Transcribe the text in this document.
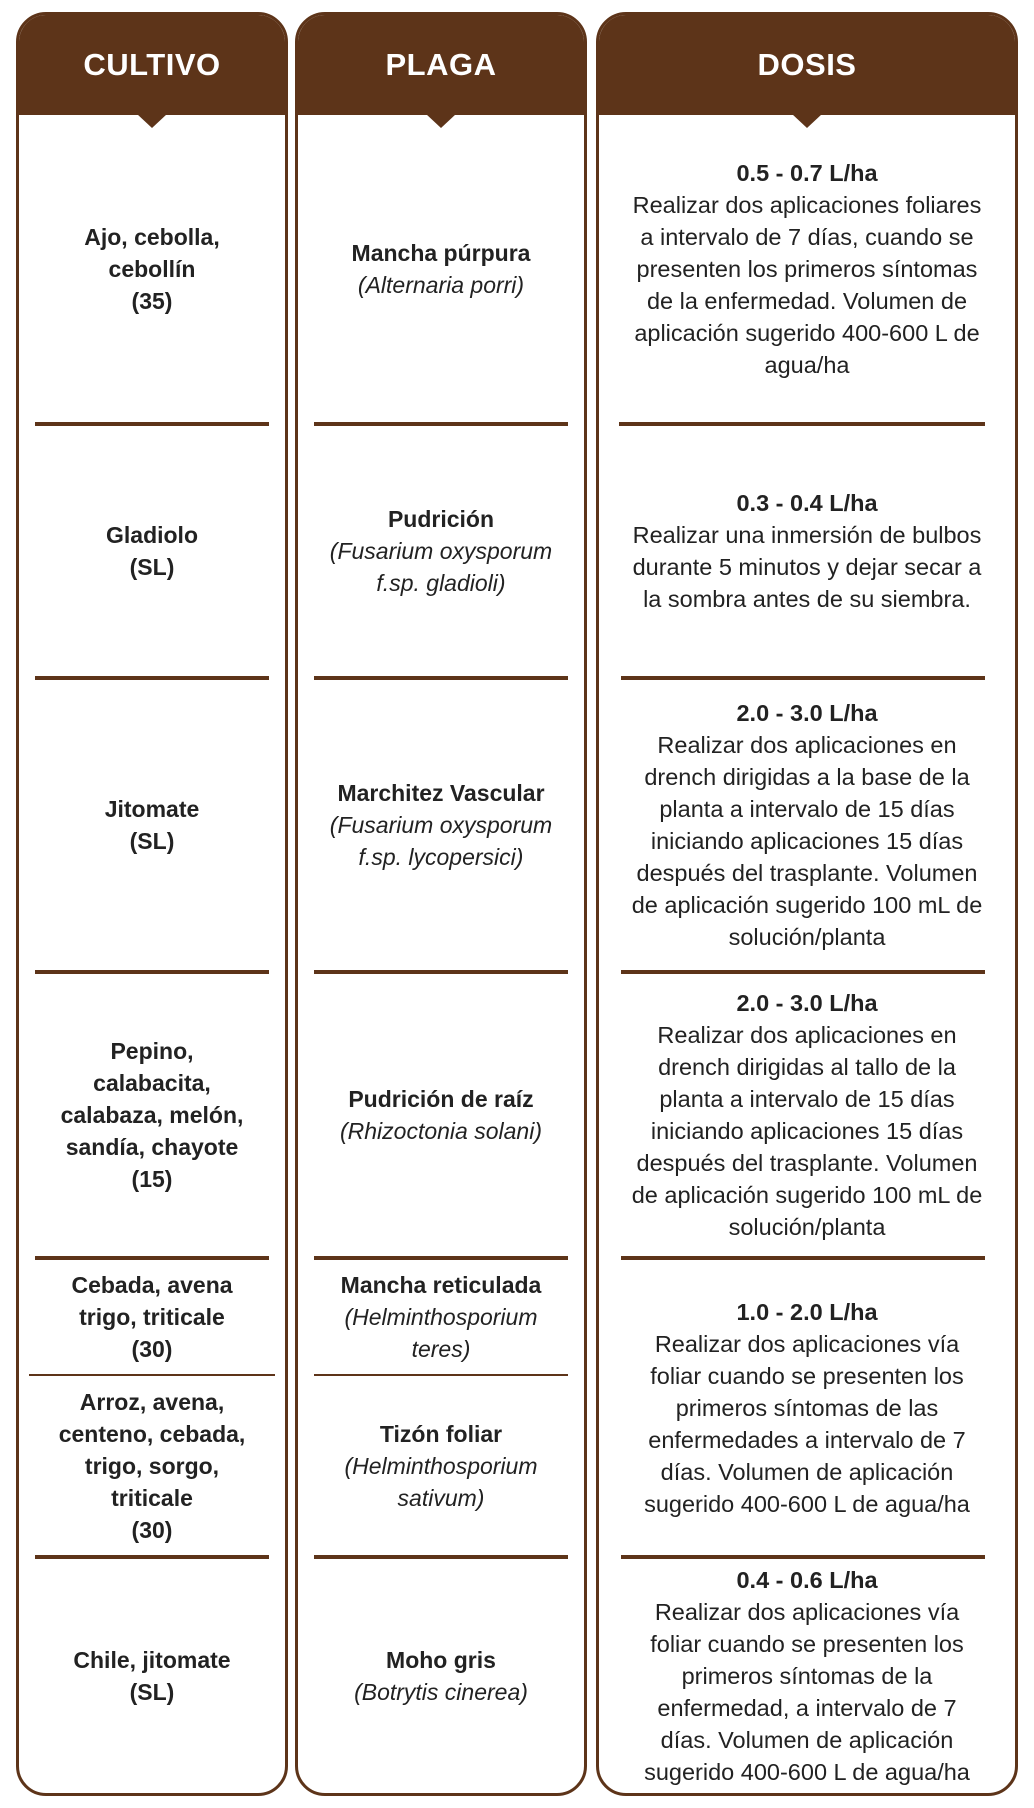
CULTIVO
Ajo, cebolla,
cebollín
(35)
Gladiolo
(SL)
Jitomate
(SL)
Pepino,
calabacita,
calabaza, melón,
sandía, chayote
(15)
Cebada, avena
trigo, triticale
(30)
Arroz, avena,
centeno, cebada,
trigo, sorgo,
triticale
(30)
Chile, jitomate
(SL)
PLAGA
Mancha púrpura
(Alternaria porri)
Pudrición
(Fusarium oxysporum
f.sp. gladioli)
Marchitez Vascular
(Fusarium oxysporum
f.sp. lycopersici)
Pudrición de raíz
(Rhizoctonia solani)
Mancha reticulada
(Helminthosporium
teres)
Tizón foliar
(Helminthosporium
sativum)
Moho gris
(Botrytis cinerea)
DOSIS
0.5 - 0.7 L/ha
Realizar dos aplicaciones foliares
a intervalo de 7 días, cuando se
presenten los primeros síntomas
de la enfermedad. Volumen de
aplicación sugerido 400-600 L de
agua/ha
0.3 - 0.4 L/ha
Realizar una inmersión de bulbos
durante 5 minutos y dejar secar a
la sombra antes de su siembra.
2.0 - 3.0 L/ha
Realizar dos aplicaciones en
drench dirigidas a la base de la
planta a intervalo de 15 días
iniciando aplicaciones 15 días
después del trasplante. Volumen
de aplicación sugerido 100 mL de
solución/planta
2.0 - 3.0 L/ha
Realizar dos aplicaciones en
drench dirigidas al tallo de la
planta a intervalo de 15 días
iniciando aplicaciones 15 días
después del trasplante. Volumen
de aplicación sugerido 100 mL de
solución/planta
1.0 - 2.0 L/ha
Realizar dos aplicaciones vía
foliar cuando se presenten los
primeros síntomas de las
enfermedades a intervalo de 7
días. Volumen de aplicación
sugerido 400-600 L de agua/ha
0.4 - 0.6 L/ha
Realizar dos aplicaciones vía
foliar cuando se presenten los
primeros síntomas de la
enfermedad, a intervalo de 7
días. Volumen de aplicación
sugerido 400-600 L de agua/ha
